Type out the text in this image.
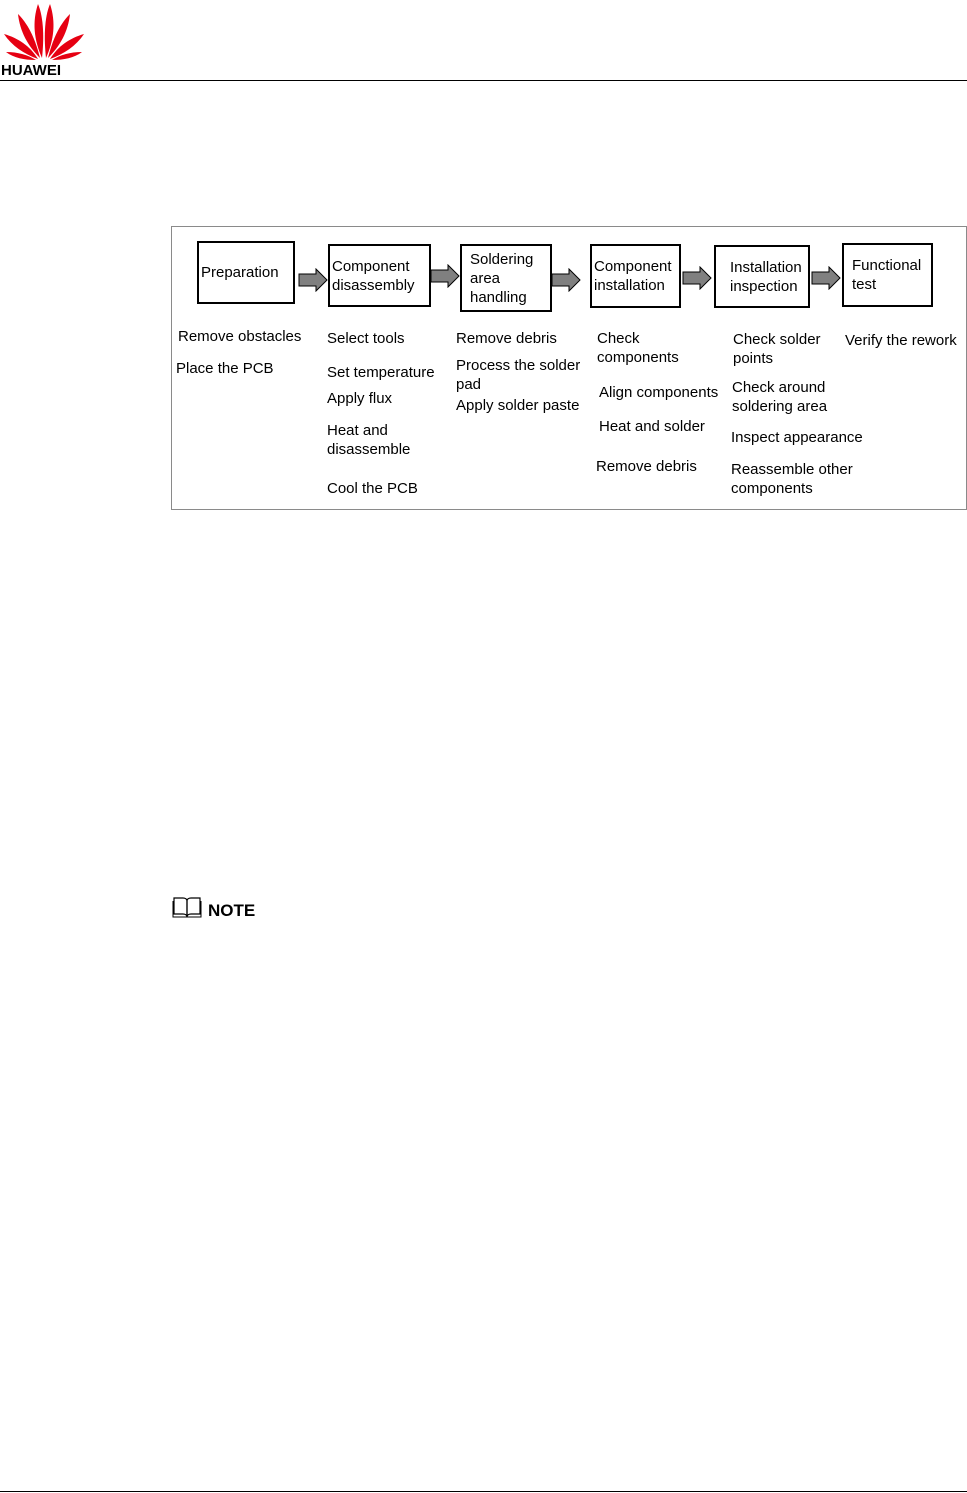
HUAWEI
Preparation	Component
disassembly
Soldering
area
handling
Component
installation
Installation
inspection
Functional
test
Remove obstacles
Place the PCB
Select tools
Set temperature
Apply flux
Heat and
disassemble
Cool the PCB
Remove debris
Process the solder
pad
Apply solder paste
Check
components
Align components
Heat and solder
Remove debris
Check solder
points
Check around
soldering area
Inspect appearance
Reassemble other
components
Verify the rework
NOTE
